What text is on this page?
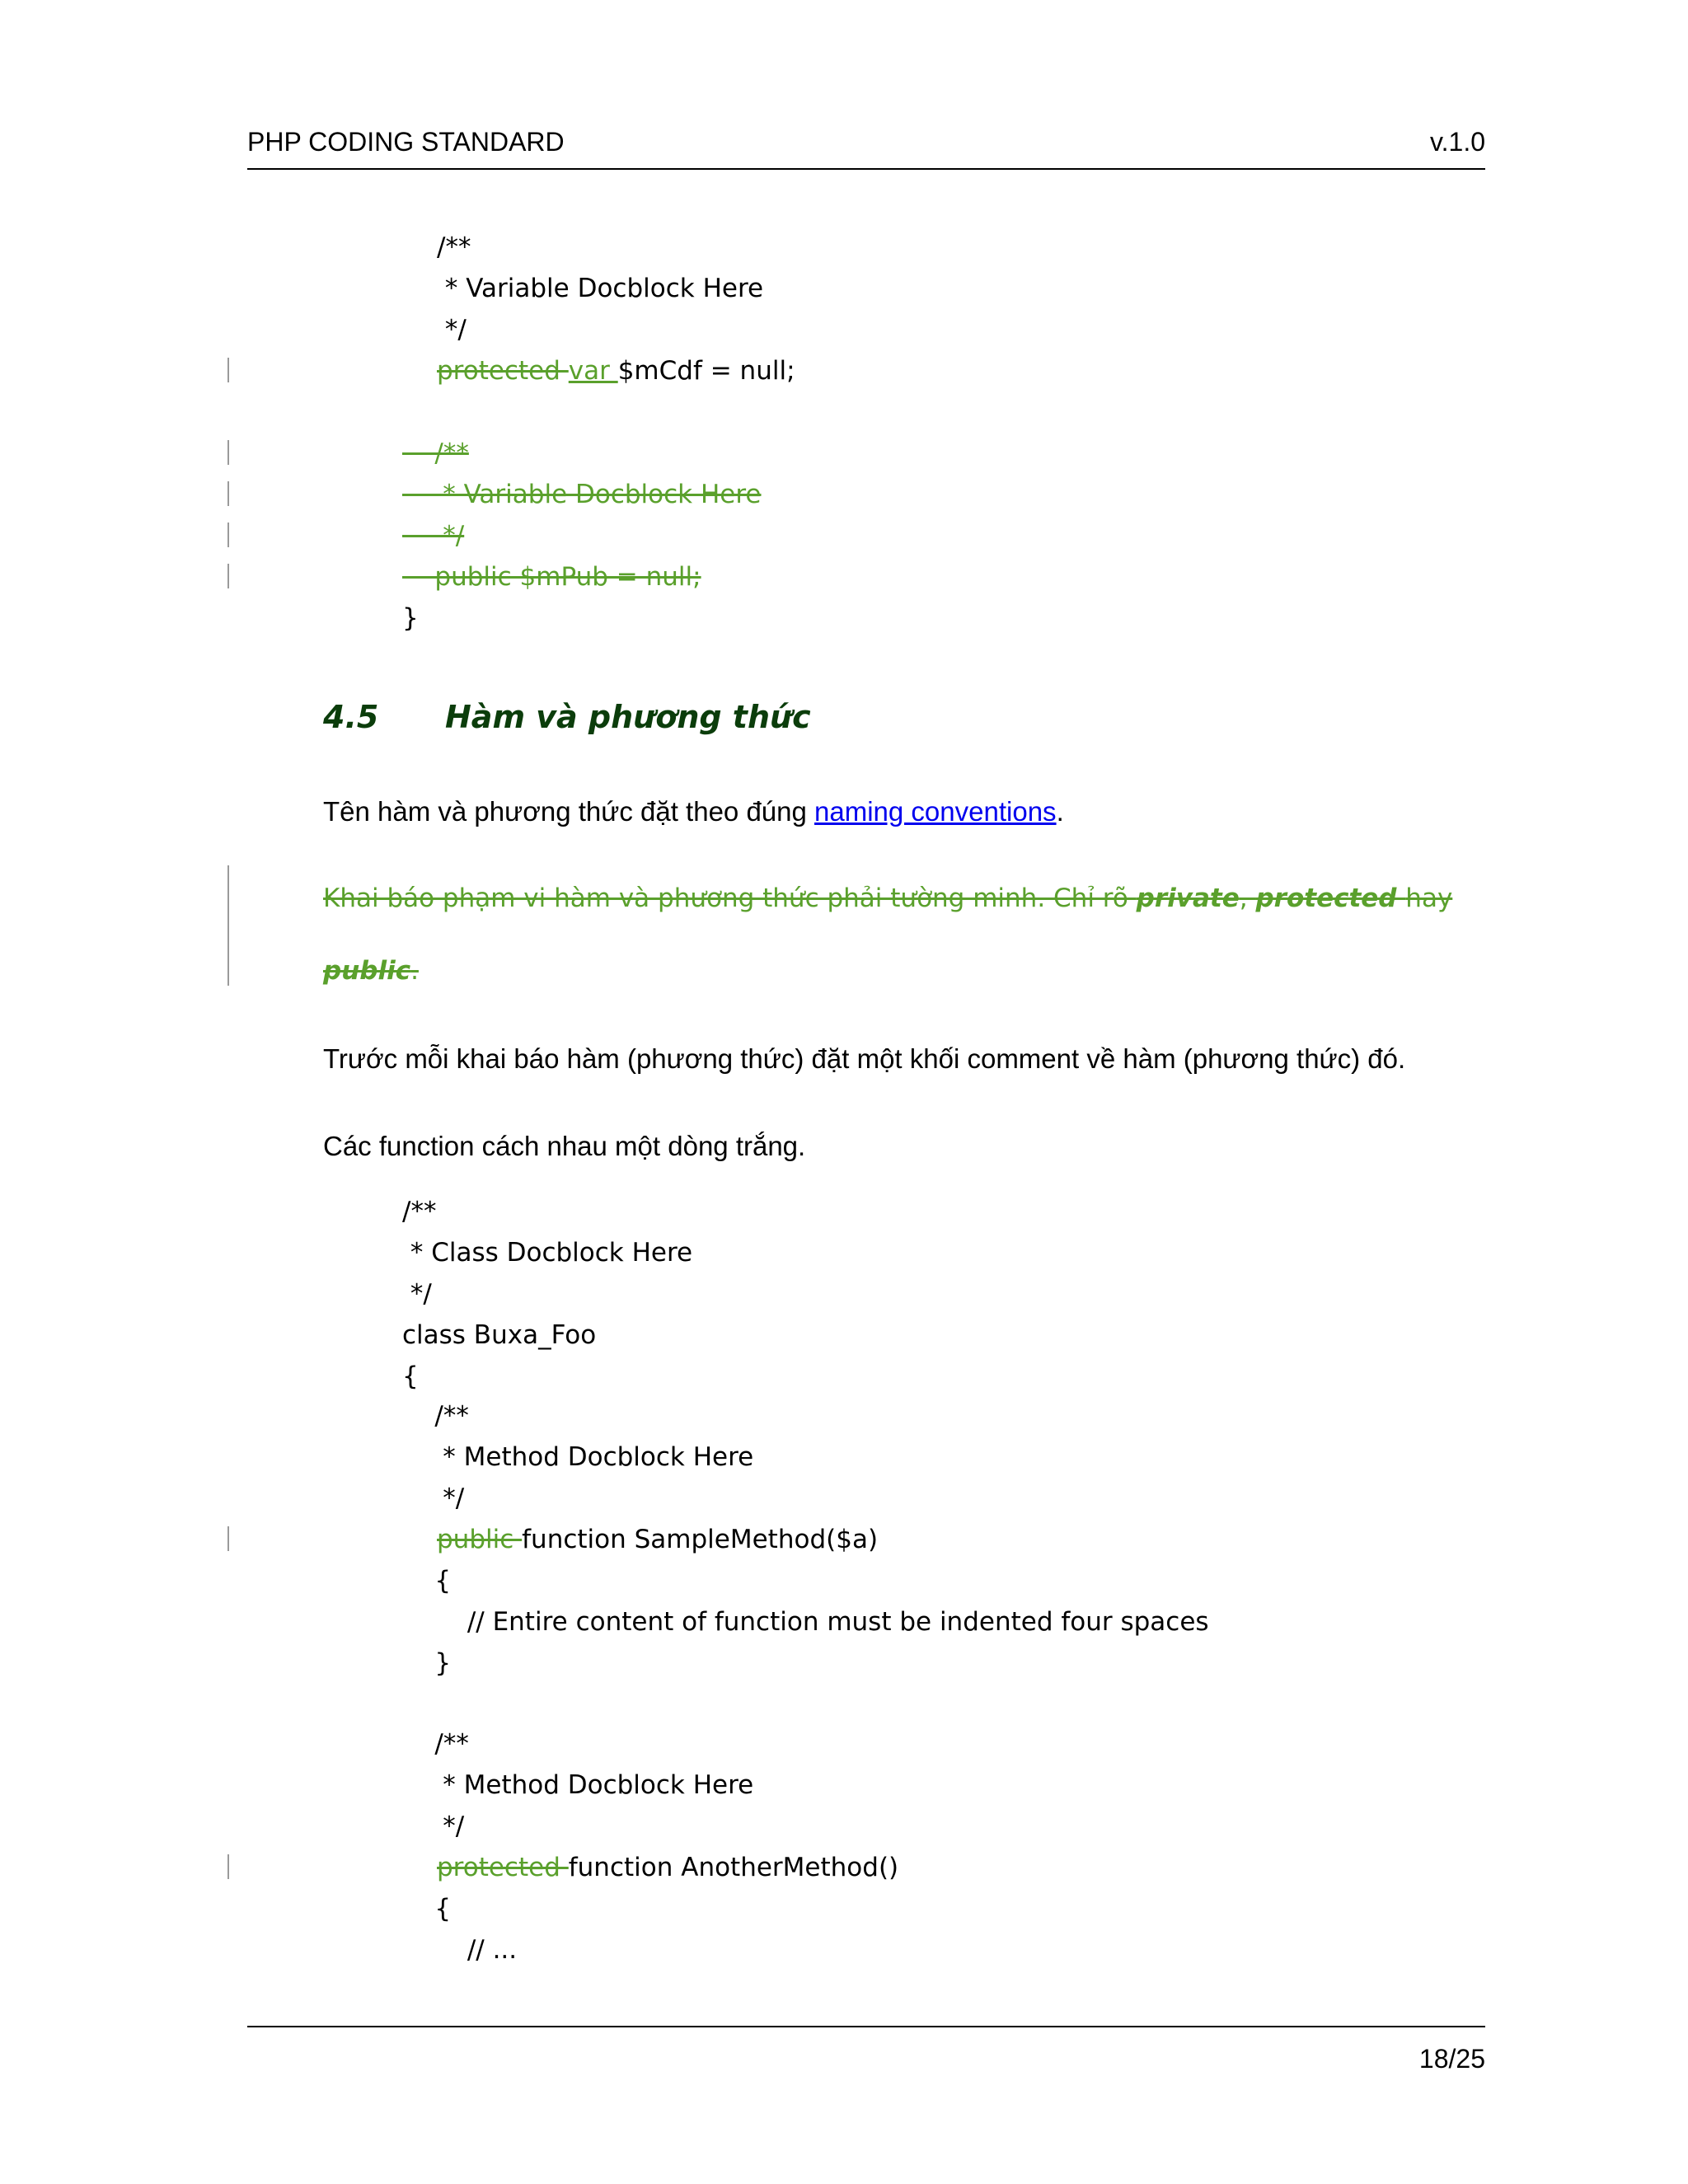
PHP CODING STANDARD	v.1.0
/**
* Variable Docblock Here
*/
protected var $mCdf = null;
/**
* Variable Docblock Here
*/
public $mPub = null;
}
4.5 Hàm và phương thức
Tên hàm và phương thức đặt theo đúng naming conventions.
Khai báo phạm vi hàm và phương thức phải tường minh. Chỉ rõ private, protected hay
public.
Trước mỗi khai báo hàm (phương thức) đặt một khối comment về hàm (phương thức) đó.
Các function cách nhau một dòng trắng.
/**
* Class Docblock Here
*/
class Buxa_Foo
{
/**
* Method Docblock Here
*/
public function SampleMethod($a)
{
// Entire content of function must be indented four spaces
}
/**
* Method Docblock Here
*/
protected function AnotherMethod()
{
// ...
18/25
